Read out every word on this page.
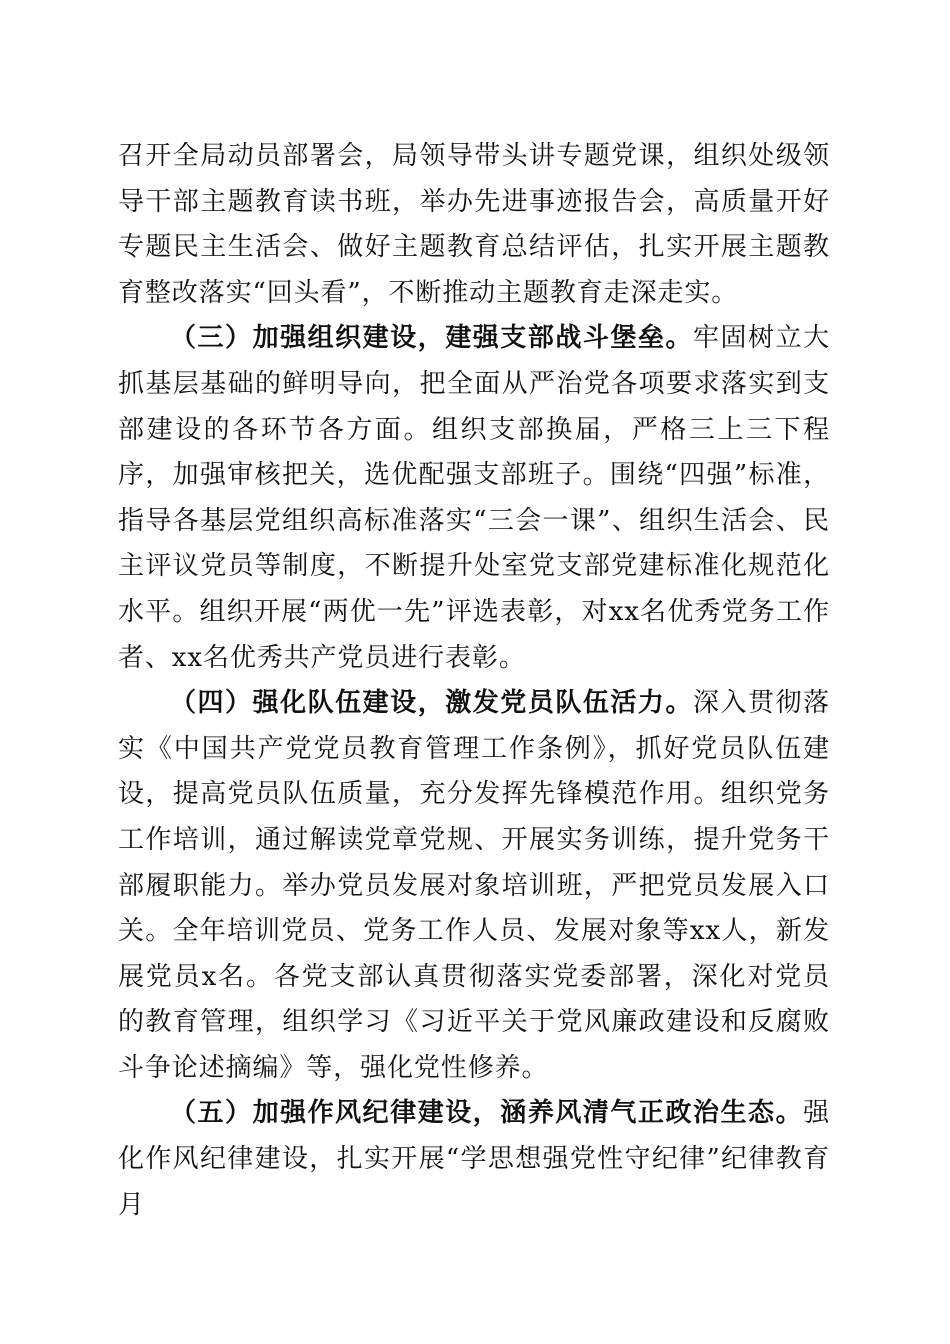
召开全局动员部署会，局领导带头讲专题党课，组织处级领导干部主题教育读书班，举办先进事迹报告会，高质量开好专题民主生活会、做好主题教育总结评估，扎实开展主题教育整改落实“回头看”，不断推动主题教育走深走实。

（三）加强组织建设，建强支部战斗堡垒。牢固树立大抓基层基础的鲜明导向，把全面从严治党各项要求落实到支部建设的各环节各方面。组织支部换届，严格三上三下程序，加强审核把关，选优配强支部班子。围绕“四强”标准，指导各基层党组织高标准落实“三会一课”、组织生活会、民主评议党员等制度，不断提升处室党支部党建标准化规范化水平。组织开展“两优一先”评选表彰，对xx名优秀党务工作者、xx名优秀共产党员进行表彰。

（四）强化队伍建设，激发党员队伍活力。深入贯彻落实《中国共产党党员教育管理工作条例》，抓好党员队伍建设，提高党员队伍质量，充分发挥先锋模范作用。组织党务工作培训，通过解读党章党规、开展实务训练，提升党务干部履职能力。举办党员发展对象培训班，严把党员发展入口关。全年培训党员、党务工作人员、发展对象等xx人，新发展党员x名。各党支部认真贯彻落实党委部署，深化对党员的教育管理，组织学习《习近平关于党风廉政建设和反腐败斗争论述摘编》等，强化党性修养。

（五）加强作风纪律建设，涵养风清气正政治生态。强化作风纪律建设，扎实开展“学思想强党性守纪律”纪律教育月
